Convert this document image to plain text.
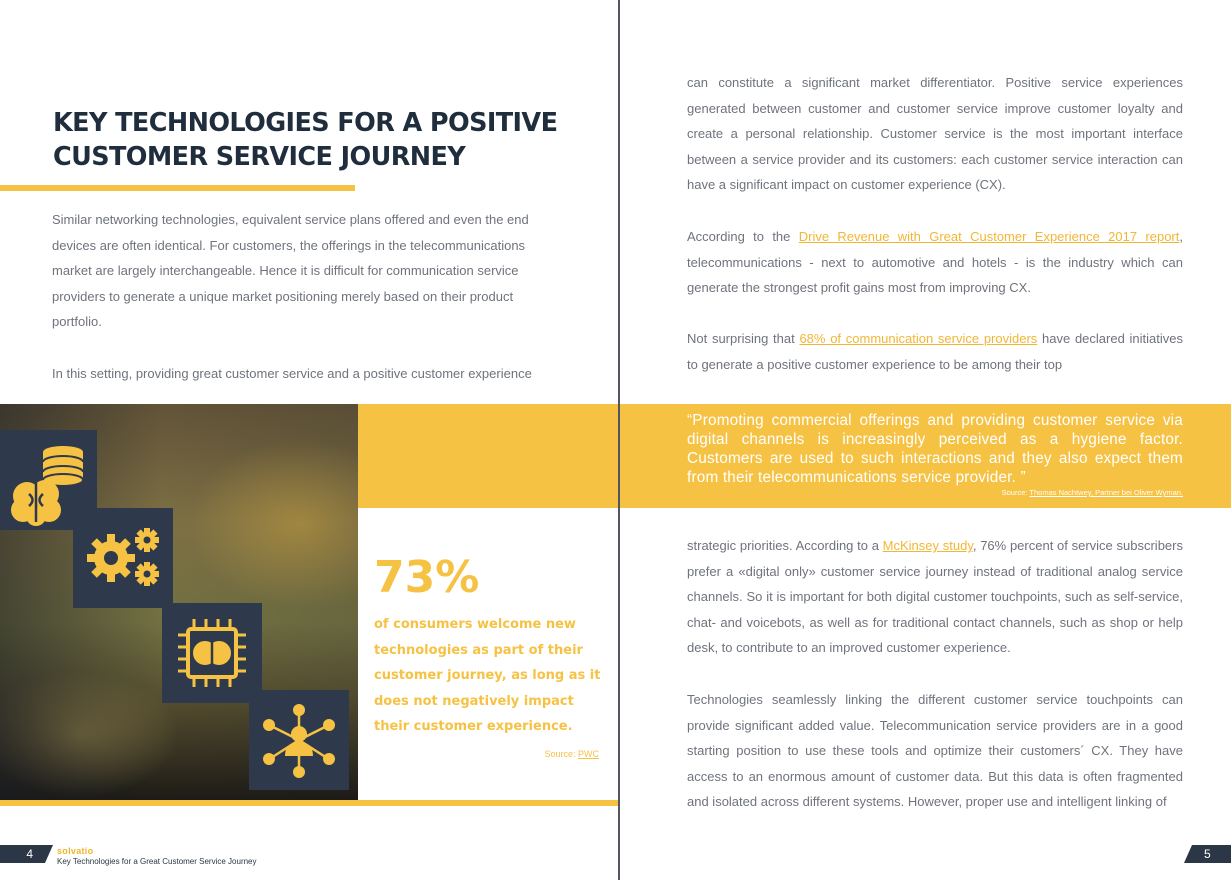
KEY TECHNOLOGIES FOR A POSITIVE CUSTOMER SERVICE JOURNEY

Similar networking technologies, equivalent service plans offered and even the end devices are often identical. For customers, the offerings in the telecommunications market are largely interchangeable. Hence it is difficult for communication service providers to generate a unique market positioning merely based on their product portfolio.

In this setting, providing great customer service and a positive customer experience

73%

of consumers welcome new technologies as part of their customer journey, as long as it does not negatively impact their customer experience.

Source: PWC
4	solvatio
Key Technologies for a Great Customer Service Journey

can constitute a significant market differentiator. Positive service experiences generated between customer and customer service improve customer loyalty and create a personal relationship. Customer service is the most important interface between a service provider and its customers: each customer service interaction can have a significant impact on customer experience (CX).

According to the Drive Revenue with Great Customer Experience 2017 report, telecommunications - next to automotive and hotels - is the industry which can generate the strongest profit gains most from improving CX.

Not surprising that 68% of communication service providers have declared initiatives to generate a positive customer experience to be among their top

“Promoting commercial offerings and providing customer service via digital channels is increasingly perceived as a hygiene factor. Customers are used to such interactions and they also expect them from their telecommunications service provider. ”

Source: Thomas Nachtwey, Partner bei Oliver Wyman.

strategic priorities. According to a McKinsey study, 76% percent of service subscribers prefer a «digital only» customer service journey instead of traditional analog service channels. So it is important for both digital customer touchpoints, such as self-service, chat- and voicebots, as well as for traditional contact channels, such as shop or help desk, to contribute to an improved customer experience.

Technologies seamlessly linking the different customer service touchpoints can provide significant added value. Telecommunication service providers are in a good starting position to use these tools and optimize their customers´ CX. They have access to an enormous amount of customer data. But this data is often fragmented and isolated across different systems. However, proper use and intelligent linking of

5
